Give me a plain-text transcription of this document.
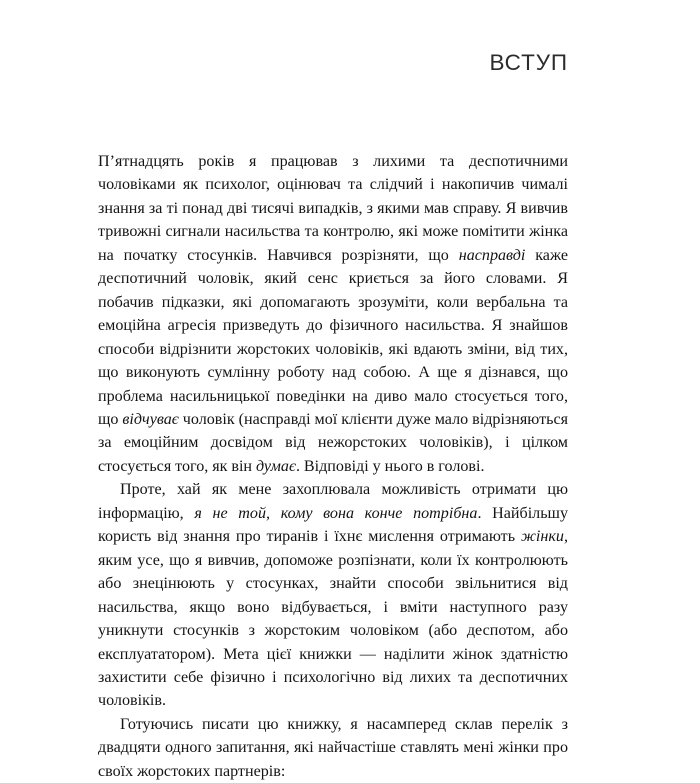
ВСТУП

П’ятнадцять років я працював з лихими та деспотичними чоловіками як психолог, оцінювач та слідчий і накопичив чималі знання за ті понад дві тисячі випадків, з якими мав справу. Я вивчив тривожні сигнали насильства та контролю, які може помітити жінка на початку стосунків. Навчився розрізняти, що насправді каже деспотичний чоловік, який сенс криється за його словами. Я побачив підказки, які допомагають зрозуміти, коли вербальна та емоційна агресія призведуть до фізичного насильства. Я знайшов способи відрізнити жорстоких чоловіків, які вдають зміни, від тих, що виконують сумлінну роботу над собою. А ще я дізнався, що проблема насильницької поведінки на диво мало стосується того, що відчуває чоловік (насправді мої клієнти дуже мало відрізняються за емоційним досвідом від нежорстоких чоловіків), і цілком стосується того, як він думає. Відповіді у нього в голові.

Проте, хай як мене захоплювала можливість отримати цю інформацію, я не той, кому вона конче потрібна. Найбільшу користь від знання про тиранів і їхнє мислення отримають жінки, яким усе, що я вивчив, допоможе розпізнати, коли їх контролюють або знецінюють у стосунках, знайти способи звільнитися від насильства, якщо воно відбувається, і вміти наступного разу уникнути стосунків з жорстоким чоловіком (або деспотом, або експлуататором). Мета цієї книжки — наділити жінок здатністю захистити себе фізично і психологічно від лихих та деспотичних чоловіків.

Готуючись писати цю книжку, я насамперед склав перелік з двадцяти одного запитання, які найчастіше ставлять мені жінки про своїх жорстоких партнерів:
